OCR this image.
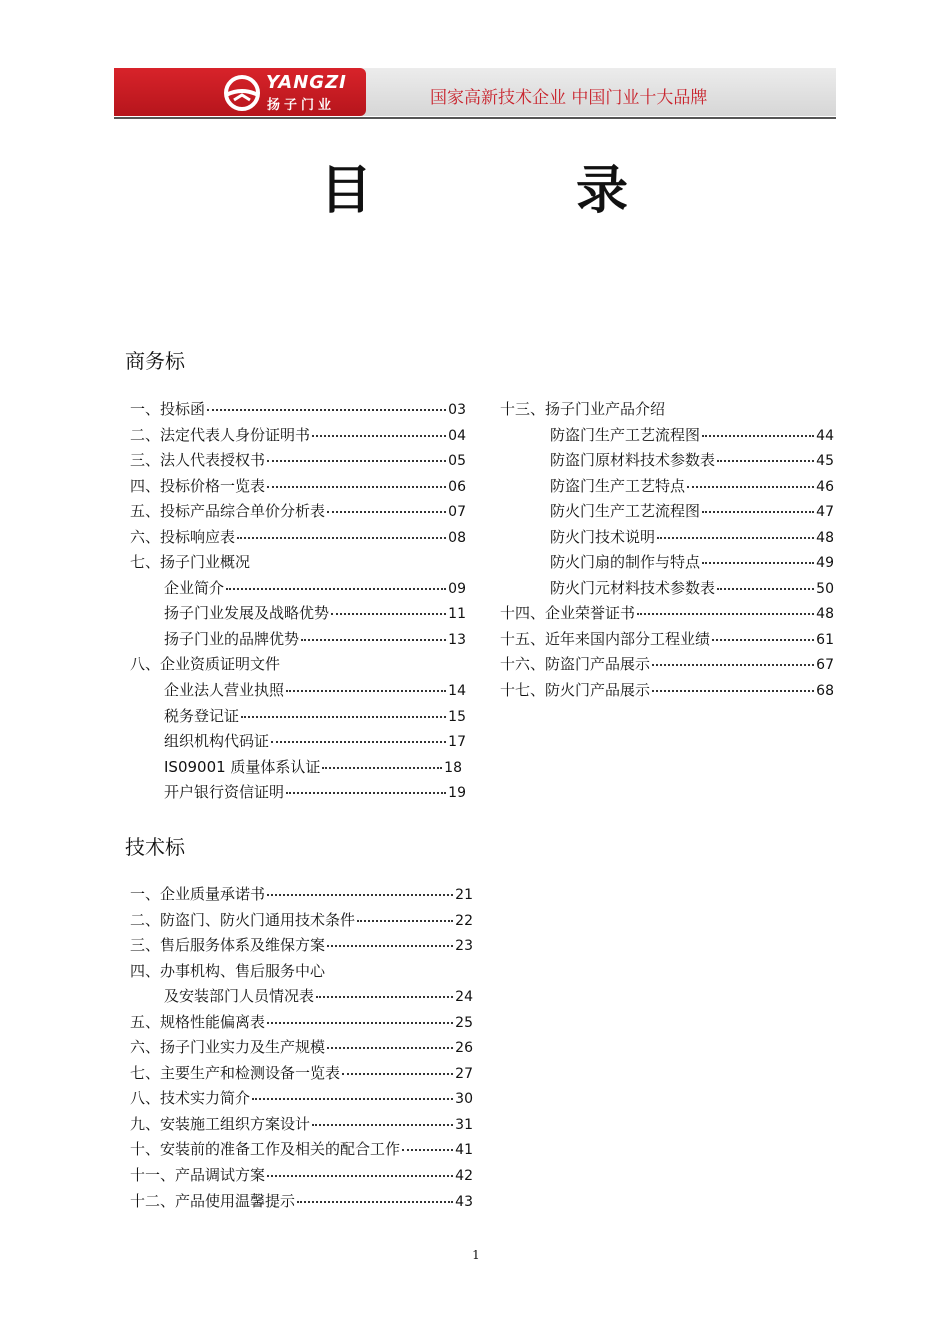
YANGZI
扬子门业	国家高新技术企业 中国门业十大品牌
目	录
商务标
一、投标函	03
二、法定代表人身份证明书	04
三、法人代表授权书	05
四、投标价格一览表	06
五、投标产品综合单价分析表	07
六、投标响应表	08
七、扬子门业概况
企业简介	09
扬子门业发展及战略优势	11
扬子门业的品牌优势	13
八、企业资质证明文件
企业法人营业执照	14
税务登记证	15
组织机构代码证	17
IS09001 质量体系认证	18
开户银行资信证明	19
技术标
一、企业质量承诺书	21
二、防盗门、防火门通用技术条件	22
三、售后服务体系及维保方案	23
四、办事机构、售后服务中心
及安装部门人员情况表	24
五、规格性能偏离表	25
六、扬子门业实力及生产规模	26
七、主要生产和检测设备一览表	27
八、技术实力简介	30
九、安装施工组织方案设计	31
十、安装前的准备工作及相关的配合工作	41
十一、产品调试方案	42
十二、产品使用温馨提示	43
十三、扬子门业产品介绍
防盗门生产工艺流程图	44
防盗门原材料技术参数表	45
防盗门生产工艺特点	46
防火门生产工艺流程图	47
防火门技术说明	48
防火门扇的制作与特点	49
防火门元材料技术参数表	50
十四、企业荣誉证书	48
十五、近年来国内部分工程业绩	61
十六、防盗门产品展示	67
十七、防火门产品展示	68
1
